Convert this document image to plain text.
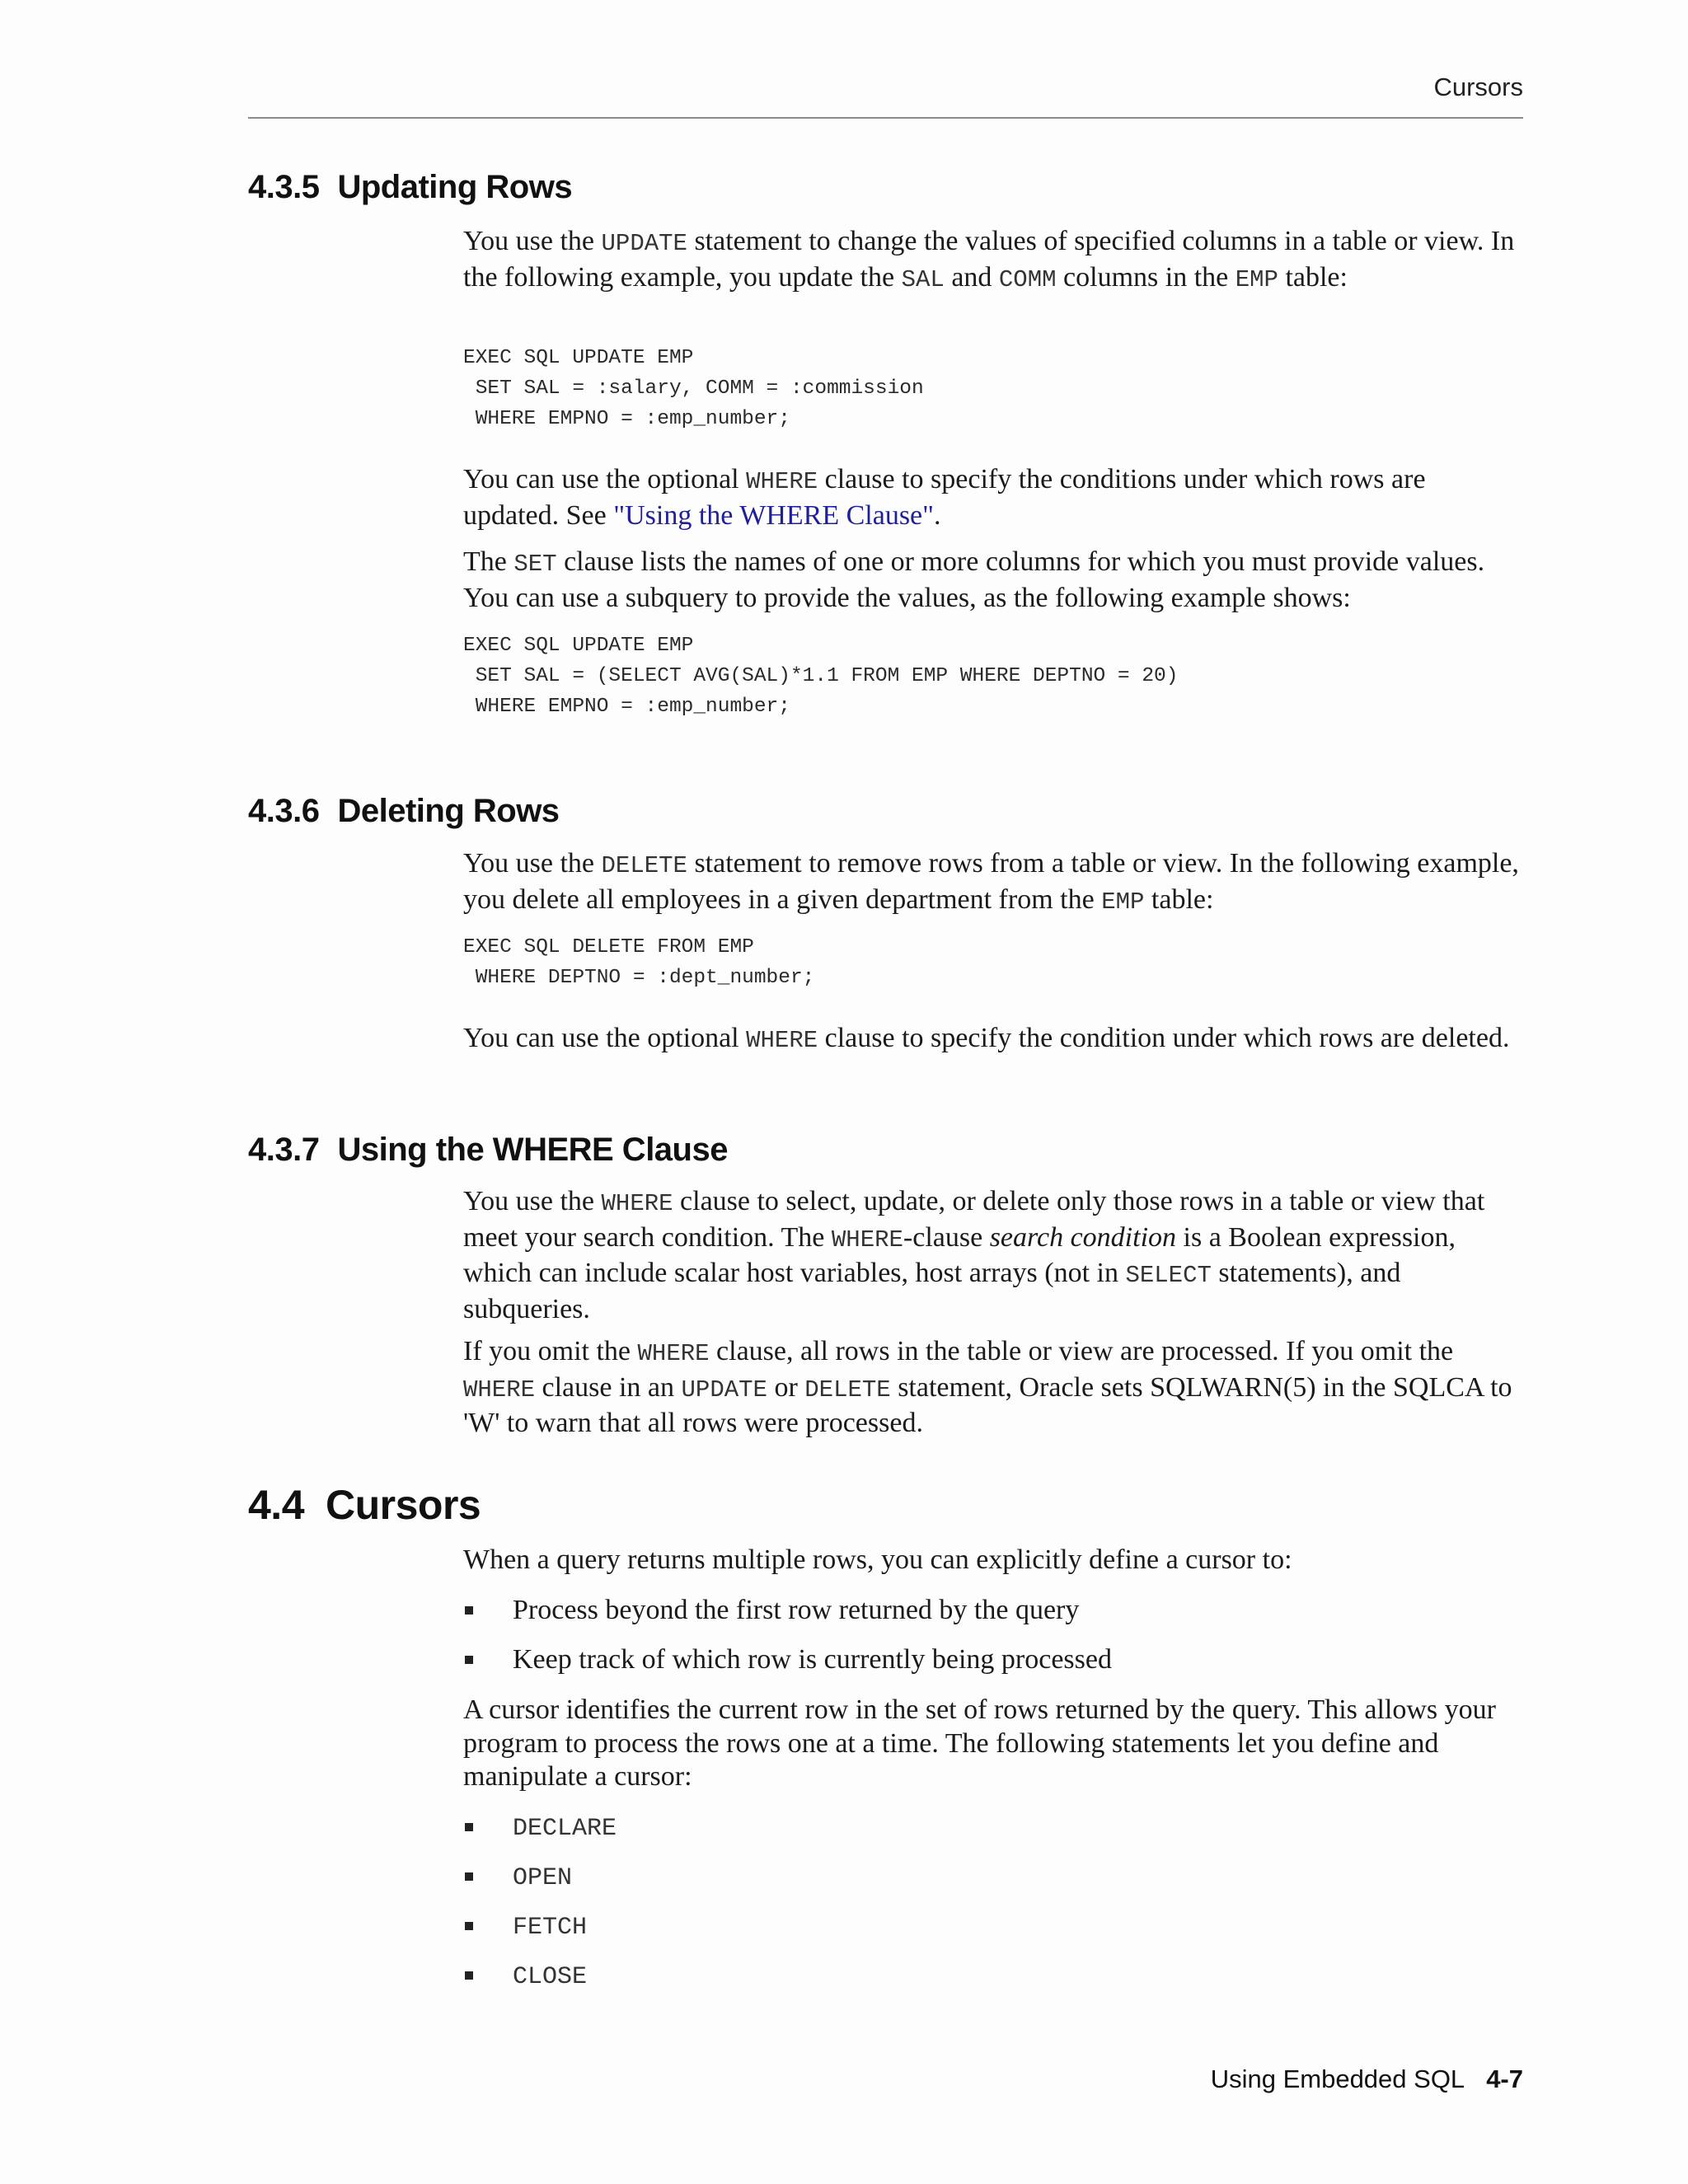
Cursors
4.3.5 Updating Rows
You use the UPDATE statement to change the values of specified columns in a table or view. In the following example, you update the SAL and COMM columns in the EMP table:
EXEC SQL UPDATE EMP
SET SAL = :salary, COMM = :commission
WHERE EMPNO = :emp_number;
You can use the optional WHERE clause to specify the conditions under which rows are updated. See "Using the WHERE Clause".
The SET clause lists the names of one or more columns for which you must provide values. You can use a subquery to provide the values, as the following example shows:
EXEC SQL UPDATE EMP
SET SAL = (SELECT AVG(SAL)*1.1 FROM EMP WHERE DEPTNO = 20)
WHERE EMPNO = :emp_number;
4.3.6 Deleting Rows
You use the DELETE statement to remove rows from a table or view. In the following example, you delete all employees in a given department from the EMP table:
EXEC SQL DELETE FROM EMP
WHERE DEPTNO = :dept_number;
You can use the optional WHERE clause to specify the condition under which rows are deleted.
4.3.7 Using the WHERE Clause
You use the WHERE clause to select, update, or delete only those rows in a table or view that meet your search condition. The WHERE-clause search condition is a Boolean expression, which can include scalar host variables, host arrays (not in SELECT statements), and subqueries.
If you omit the WHERE clause, all rows in the table or view are processed. If you omit the WHERE clause in an UPDATE or DELETE statement, Oracle sets SQLWARN(5) in the SQLCA to 'W' to warn that all rows were processed.
4.4 Cursors
When a query returns multiple rows, you can explicitly define a cursor to:
Process beyond the first row returned by the query
Keep track of which row is currently being processed
A cursor identifies the current row in the set of rows returned by the query. This allows your program to process the rows one at a time. The following statements let you define and manipulate a cursor:
DECLARE
OPEN
FETCH
CLOSE
Using Embedded SQL 4-7
